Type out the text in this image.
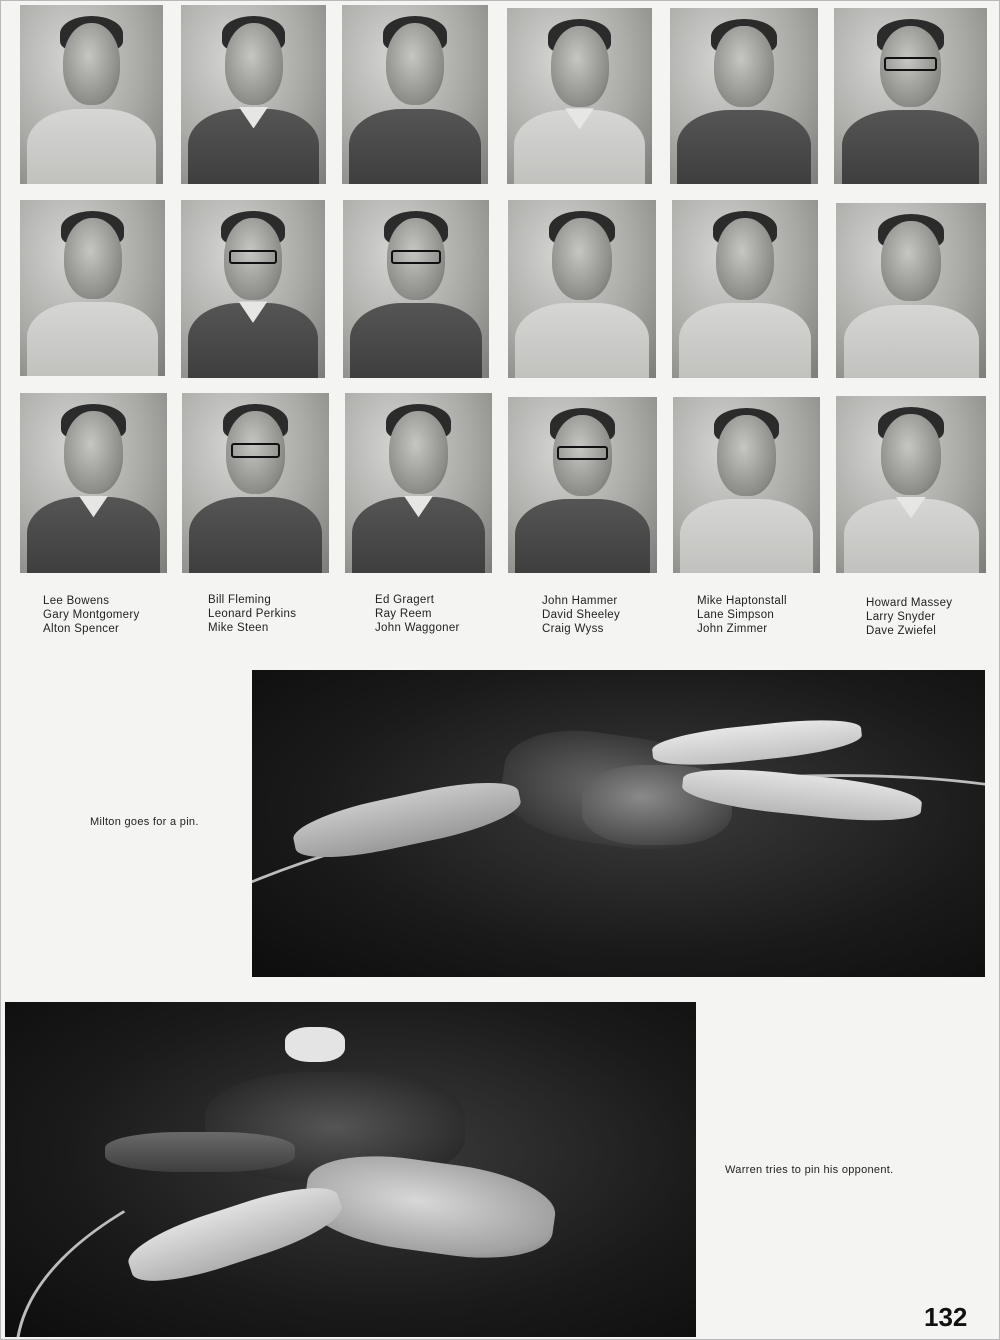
Lee Bowens
Gary Montgomery
Alton Spencer
Bill Fleming
Leonard Perkins
Mike Steen
Ed Gragert
Ray Reem
John Waggoner
John Hammer
David Sheeley
Craig Wyss
Mike Haptonstall
Lane Simpson
John Zimmer
Howard Massey
Larry Snyder
Dave Zwiefel
Milton goes for a pin.
Warren tries to pin his opponent.
132
